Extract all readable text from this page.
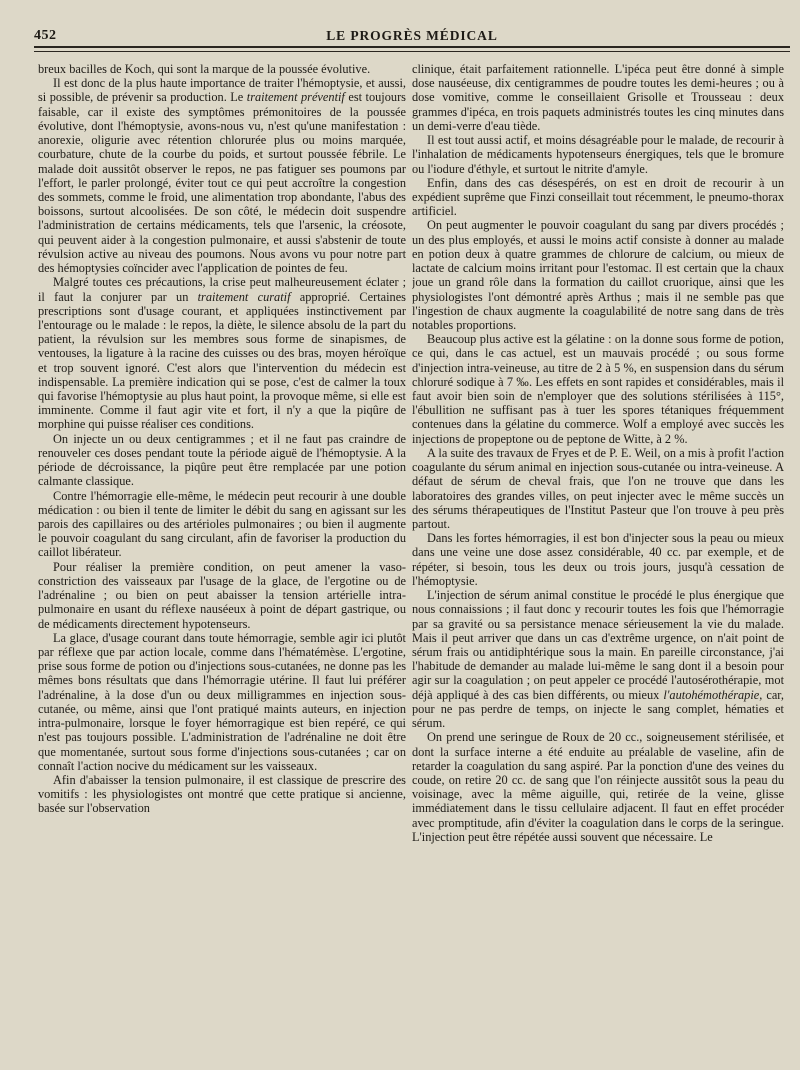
452	LE PROGRÈS MÉDICAL

breux bacilles de Koch, qui sont la marque de la poussée évolutive.

Il est donc de la plus haute importance de traiter l'hémoptysie, et aussi, si possible, de prévenir sa production. Le traitement préventif est toujours faisable, car il existe des symptômes prémonitoires de la poussée évolutive, dont l'hémoptysie, avons-nous vu, n'est qu'une manifestation : anorexie, oligurie avec rétention chlorurée plus ou moins marquée, courbature, chute de la courbe du poids, et surtout poussée fébrile. Le malade doit aussitôt observer le repos, ne pas fatiguer ses poumons par l'effort, le parler prolongé, éviter tout ce qui peut accroître la congestion des sommets, comme le froid, une alimentation trop abondante, l'abus des boissons, surtout alcoolisées. De son côté, le médecin doit suspendre l'administration de certains médicaments, tels que l'arsenic, la créosote, qui peuvent aider à la congestion pulmonaire, et aussi s'abstenir de toute révulsion active au niveau des poumons. Nous avons vu pour notre part des hémoptysies coïncider avec l'application de pointes de feu.

Malgré toutes ces précautions, la crise peut malheureusement éclater ; il faut la conjurer par un traitement curatif approprié. Certaines prescriptions sont d'usage courant, et appliquées instinctivement par l'entourage ou le malade : le repos, la diète, le silence absolu de la part du patient, la révulsion sur les membres sous forme de sinapismes, de ventouses, la ligature à la racine des cuisses ou des bras, moyen héroïque et trop souvent ignoré. C'est alors que l'intervention du médecin est indispensable. La première indication qui se pose, c'est de calmer la toux qui favorise l'hémoptysie au plus haut point, la provoque même, si elle est imminente. Comme il faut agir vite et fort, il n'y a que la piqûre de morphine qui puisse réaliser ces conditions.

On injecte un ou deux centigrammes ; et il ne faut pas craindre de renouveler ces doses pendant toute la période aiguë de l'hémoptysie. A la période de décroissance, la piqûre peut être remplacée par une potion calmante classique.

Contre l'hémorragie elle-même, le médecin peut recourir à une double médication : ou bien il tente de limiter le débit du sang en agissant sur les parois des capillaires ou des artérioles pulmonaires ; ou bien il augmente le pouvoir coagulant du sang circulant, afin de favoriser la production du caillot libérateur.

Pour réaliser la première condition, on peut amener la vaso-constriction des vaisseaux par l'usage de la glace, de l'ergotine ou de l'adrénaline ; ou bien on peut abaisser la tension artérielle intra-pulmonaire en usant du réflexe nauséeux à point de départ gastrique, ou de médicaments directement hypotenseurs.

La glace, d'usage courant dans toute hémorragie, semble agir ici plutôt par réflexe que par action locale, comme dans l'hématémèse. L'ergotine, prise sous forme de potion ou d'injections sous-cutanées, ne donne pas les mêmes bons résultats que dans l'hémorragie utérine. Il faut lui préférer l'adrénaline, à la dose d'un ou deux milligrammes en injection sous-cutanée, ou même, ainsi que l'ont pratiqué maints auteurs, en injection intra-pulmonaire, lorsque le foyer hémorragique est bien repéré, ce qui n'est pas toujours possible. L'administration de l'adrénaline ne doit être que momentanée, surtout sous forme d'injections sous-cutanées ; car on connaît l'action nocive du médicament sur les vaisseaux.

Afin d'abaisser la tension pulmonaire, il est classique de prescrire des vomitifs : les physiologistes ont montré que cette pratique si ancienne, basée sur l'observation

clinique, était parfaitement rationnelle. L'ipéca peut être donné à simple dose nauséeuse, dix centigrammes de poudre toutes les demi-heures ; ou à dose vomitive, comme le conseillaient Grisolle et Trousseau : deux grammes d'ipéca, en trois paquets administrés toutes les cinq minutes dans un demi-verre d'eau tiède.

Il est tout aussi actif, et moins désagréable pour le malade, de recourir à l'inhalation de médicaments hypotenseurs énergiques, tels que le bromure ou l'iodure d'éthyle, et surtout le nitrite d'amyle.

Enfin, dans des cas désespérés, on est en droit de recourir à un expédient suprême que Finzi conseillait tout récemment, le pneumo-thorax artificiel.

On peut augmenter le pouvoir coagulant du sang par divers procédés ; un des plus employés, et aussi le moins actif consiste à donner au malade en potion deux à quatre grammes de chlorure de calcium, ou mieux de lactate de calcium moins irritant pour l'estomac. Il est certain que la chaux joue un grand rôle dans la formation du caillot cruorique, ainsi que les physiologistes l'ont démontré après Arthus ; mais il ne semble pas que l'ingestion de chaux augmente la coagulabilité de notre sang dans de très notables proportions.

Beaucoup plus active est la gélatine : on la donne sous forme de potion, ce qui, dans le cas actuel, est un mauvais procédé ; ou sous forme d'injection intra-veineuse, au titre de 2 à 5 %, en suspension dans du sérum chloruré sodique à 7 ‰. Les effets en sont rapides et considérables, mais il faut avoir bien soin de n'employer que des solutions stérilisées à 115°, l'ébullition ne suffisant pas à tuer les spores tétaniques fréquemment contenues dans la gélatine du commerce. Wolf a employé avec succès les injections de propeptone ou de peptone de Witte, à 2 %.

A la suite des travaux de Fryes et de P. E. Weil, on a mis à profit l'action coagulante du sérum animal en injection sous-cutanée ou intra-veineuse. A défaut de sérum de cheval frais, que l'on ne trouve que dans les laboratoires des grandes villes, on peut injecter avec le même succès un des sérums thérapeutiques de l'Institut Pasteur que l'on trouve à peu près partout.

Dans les fortes hémorragies, il est bon d'injecter sous la peau ou mieux dans une veine une dose assez considérable, 40 cc. par exemple, et de répéter, si besoin, tous les deux ou trois jours, jusqu'à cessation de l'hémoptysie.

L'injection de sérum animal constitue le procédé le plus énergique que nous connaissions ; il faut donc y recourir toutes les fois que l'hémorragie par sa gravité ou sa persistance menace sérieusement la vie du malade. Mais il peut arriver que dans un cas d'extrême urgence, on n'ait point de sérum frais ou antidiphtérique sous la main. En pareille circonstance, j'ai l'habitude de demander au malade lui-même le sang dont il a besoin pour agir sur la coagulation ; on peut appeler ce procédé l'autosérothérapie, mot déjà appliqué à des cas bien différents, ou mieux l'autohémothérapie, car, pour ne pas perdre de temps, on injecte le sang complet, hématies et sérum.

On prend une seringue de Roux de 20 cc., soigneusement stérilisée, et dont la surface interne a été enduite au préalable de vaseline, afin de retarder la coagulation du sang aspiré. Par la ponction d'une des veines du coude, on retire 20 cc. de sang que l'on réinjecte aussitôt sous la peau du voisinage, avec la même aiguille, qui, retirée de la veine, glisse immédiatement dans le tissu cellulaire adjacent. Il faut en effet procéder avec promptitude, afin d'éviter la coagulation dans le corps de la seringue. L'injection peut être répétée aussi souvent que nécessaire. Le
